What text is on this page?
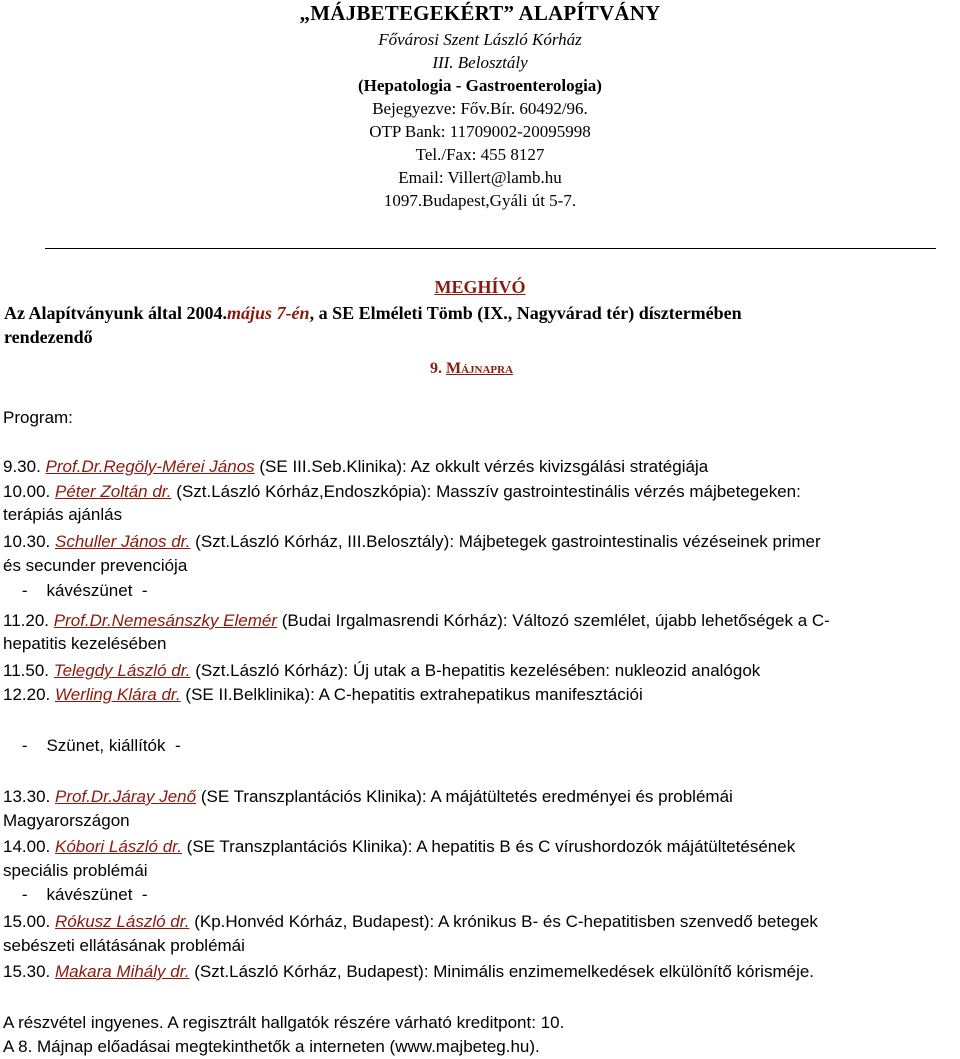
„MÁJBETEGEKÉRT” ALAPÍTVÁNY
Fővárosi Szent László Kórház
III. Belosztály
(Hepatologia - Gastroenterologia)
Bejegyezve: Főv.Bír. 60492/96.
OTP Bank: 11709002-20095998
Tel./Fax: 455 8127
Email: Villert@lamb.hu
1097.Budapest,Gyáli út 5-7.
MEGHÍVÓ
Az Alapítványunk által 2004.május 7-én, a SE Elméleti Tömb (IX., Nagyvárad tér) dísztermében
rendezendő
9. Májnapra
Program:
9.30. Prof.Dr.Regöly-Mérei János (SE III.Seb.Klinika): Az okkult vérzés kivizsgálási stratégiája
10.00. Péter Zoltán dr. (Szt.László Kórház,Endoszkópia): Masszív gastrointestinális vérzés májbetegeken:
terápiás ajánlás
10.30. Schuller János dr. (Szt.László Kórház, III.Belosztály): Májbetegek gastrointestinalis vézéseinek primer
és secunder prevenciója
-    kávészünet  -
11.20. Prof.Dr.Nemesánszky Elemér (Budai Irgalmasrendi Kórház): Változó szemlélet, újabb lehetőségek a C-
hepatitis kezelésében
11.50. Telegdy László dr. (Szt.László Kórház): Új utak a B-hepatitis kezelésében: nukleozid analógok
12.20. Werling Klára dr. (SE II.Belklinika): A C-hepatitis extrahepatikus manifesztációi
-    Szünet, kiállítók  -
13.30. Prof.Dr.Járay Jenő (SE Transzplantációs Klinika): A májátültetés eredményei és problémái
Magyarországon
14.00. Kóbori László dr. (SE Transzplantációs Klinika): A hepatitis B és C vírushordozók májátültetésének
speciális problémái
-    kávészünet  -
15.00. Rókusz László dr. (Kp.Honvéd Kórház, Budapest): A krónikus B- és C-hepatitisben szenvedő betegek
sebészeti ellátásának problémái
15.30. Makara Mihály dr. (Szt.László Kórház, Budapest): Minimális enzimemelkedések elkülönítő kórisméje.
A részvétel ingyenes. A regisztrált hallgatók részére várható kreditpont: 10.
A 8. Májnap előadásai megtekinthetők a interneten (www.majbeteg.hu).
